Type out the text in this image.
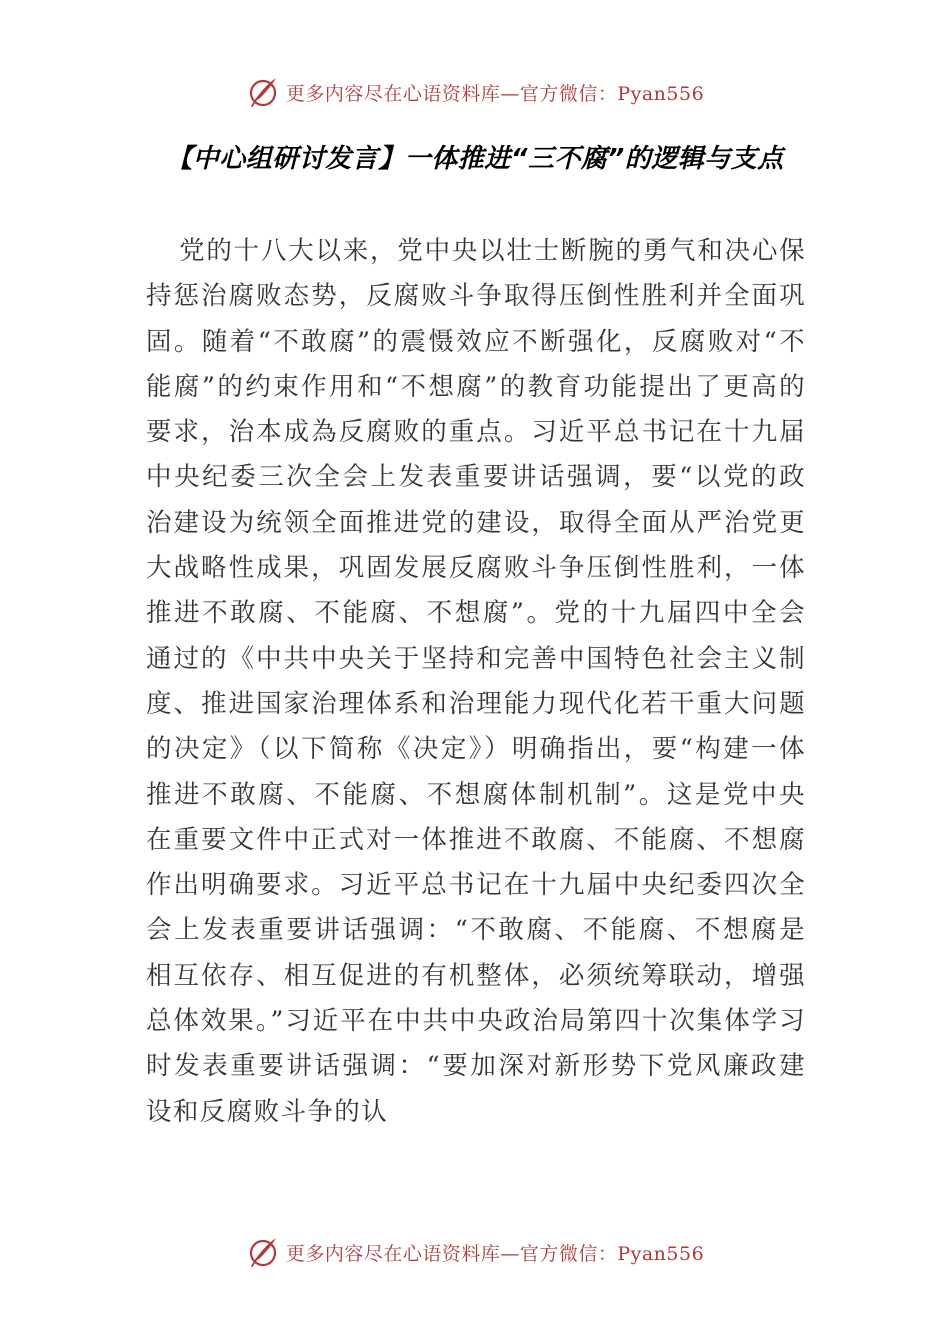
更多内容尽在心语资料库—官方微信：Pyan556
【中心组研讨发言】一体推进“三不腐”的逻辑与支点

党的十八大以来，党中央以壮士断腕的勇气和决心保持惩治腐败态势，反腐败斗争取得压倒性胜利并全面巩固。随着“不敢腐”的震慑效应不断强化，反腐败对“不能腐”的约束作用和“不想腐”的教育功能提出了更高的要求，治本成為反腐败的重点。习近平总书记在十九届中央纪委三次全会上发表重要讲话强调，要“以党的政治建设为统领全面推进党的建设，取得全面从严治党更大战略性成果，巩固发展反腐败斗争压倒性胜利，一体推进不敢腐、不能腐、不想腐”。党的十九届四中全会通过的《中共中央关于坚持和完善中国特色社会主义制度、推进国家治理体系和治理能力现代化若干重大问题的决定》（以下简称《决定》）明确指出，要“构建一体推进不敢腐、不能腐、不想腐体制机制”。这是党中央在重要文件中正式对一体推进不敢腐、不能腐、不想腐作出明确要求。习近平总书记在十九届中央纪委四次全会上发表重要讲话强调：“不敢腐、不能腐、不想腐是相互依存、相互促进的有机整体，必须统筹联动，增强总体效果。”习近平在中共中央政治局第四十次集体学习时发表重要讲话强调：“要加深对新形势下党风廉政建设和反腐败斗争的认

更多内容尽在心语资料库—官方微信：Pyan556
